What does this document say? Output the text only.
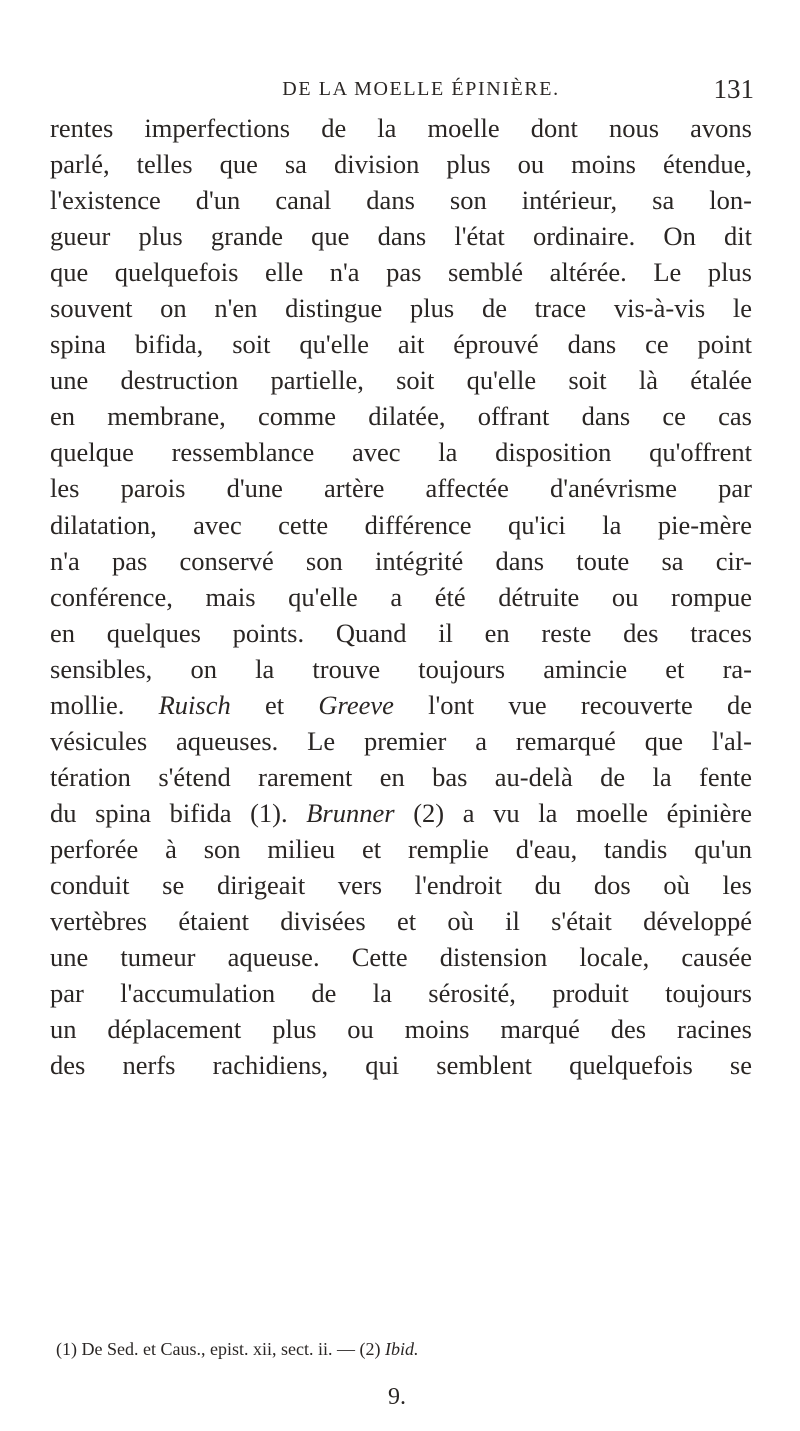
DE LA MOELLE ÉPINIÈRE.	131
rentes imperfections de la moelle dont nous avons
parlé, telles que sa division plus ou moins étendue,
l'existence d'un canal dans son intérieur, sa lon-
gueur plus grande que dans l'état ordinaire. On dit
que quelquefois elle n'a pas semblé altérée. Le plus
souvent on n'en distingue plus de trace vis-à-vis le
spina bifida, soit qu'elle ait éprouvé dans ce point
une destruction partielle, soit qu'elle soit là étalée
en membrane, comme dilatée, offrant dans ce cas
quelque ressemblance avec la disposition qu'offrent
les parois d'une artère affectée d'anévrisme par
dilatation, avec cette différence qu'ici la pie-mère
n'a pas conservé son intégrité dans toute sa cir-
conférence, mais qu'elle a été détruite ou rompue
en quelques points. Quand il en reste des traces
sensibles, on la trouve toujours amincie et ra-
mollie. Ruisch et Greeve l'ont vue recouverte de
vésicules aqueuses. Le premier a remarqué que l'al-
tération s'étend rarement en bas au-delà de la fente
du spina bifida (1). Brunner (2) a vu la moelle épinière
perforée à son milieu et remplie d'eau, tandis qu'un
conduit se dirigeait vers l'endroit du dos où les
vertèbres étaient divisées et où il s'était développé
une tumeur aqueuse. Cette distension locale, causée
par l'accumulation de la sérosité, produit toujours
un déplacement plus ou moins marqué des racines
des nerfs rachidiens, qui semblent quelquefois se
(1) De Sed. et Caus., epist. xii, sect. ii. — (2) Ibid.
9.
